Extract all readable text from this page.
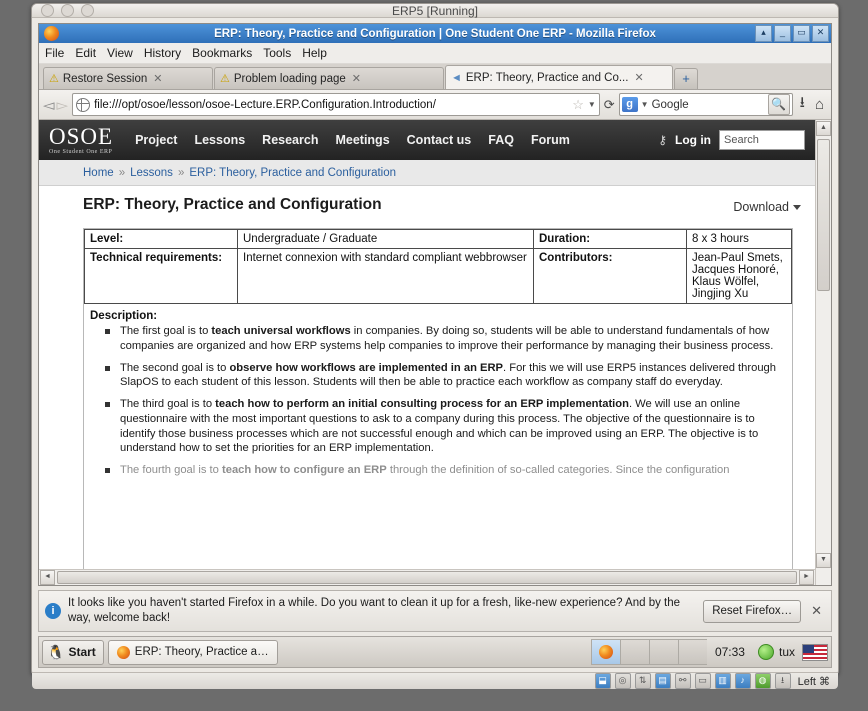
ERP5 [Running]
ERP: Theory, Practice and Configuration | One Student One ERP - Mozilla Firefox	▴	_	▭	✕
File Edit View History Bookmarks Tools Help
⚠ Restore Session ✕	⚠ Problem loading page ✕	◄ ERP: Theory, Practice and Co... ✕	+
◅ ▻ file:///opt/osoe/lesson/osoe-Lecture.ERP.Configuration.Introduction/	☆ ▼ ⟳	g ▼ Google	🔍 ⭳ ⌂
OSOE
One Student One ERP
Project Lessons Research Meetings Contact us FAQ Forum	⚷ Log in	Search
Home » Lessons » ERP: Theory, Practice and Configuration
ERP: Theory, Practice and Configuration	Download
Level:	Undergraduate / Graduate	Duration:	8 x 3 hours
Technical requirements:	Internet connexion with standard compliant webbrowser	Contributors:	Jean-Paul Smets,
Jacques Honoré,
Klaus Wölfel,
Jingjing Xu
Description:
The first goal is to teach universal workflows in companies. By doing so, students will be able to understand fundamentals of how companies are organized and how ERP systems help companies to improve their performance by managing their business process.
The second goal is to observe how workflows are implemented in an ERP. For this we will use ERP5 instances delivered through SlapOS to each student of this lesson. Students will then be able to practice each workflow as company staff do everyday.
The third goal is to teach how to perform an initial consulting process for an ERP implementation. We will use an online questionnaire with the most important questions to ask to a company during this process. The objective of the questionnaire is to identify those business processes which are not successful enough and which can be improved using an ERP. The objective is to understand how to set the priorities for an ERP implementation.
The fourth goal is to teach how to configure an ERP through the definition of so-called categories. Since the configuration
◄	►
▲
▼
i
It looks like you haven't started Firefox in a while. Do you want to clean it up for a fresh, like-new experience? And by the way, welcome back!
Reset Firefox…	✕
🐧 Start	ERP: Theory, Practice a…	07:33	tux
⬓	◎	⇅	▤	⚯	▭	▥	♪	◍	⭳	Left ⌘
